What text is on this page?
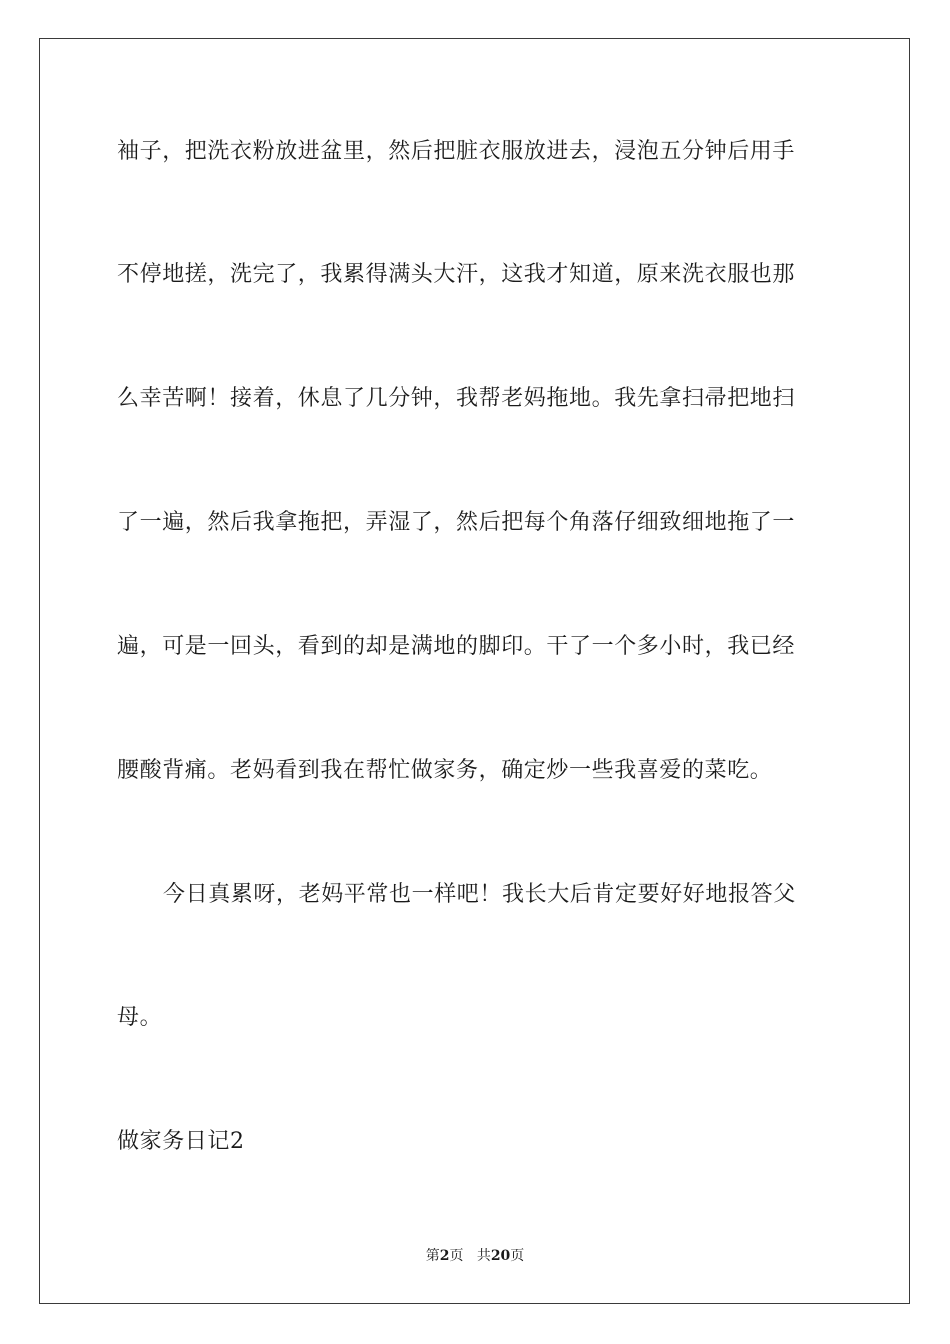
袖子，把洗衣粉放进盆里，然后把脏衣服放进去，浸泡五分钟后用手
不停地搓，洗完了，我累得满头大汗，这我才知道，原来洗衣服也那
么幸苦啊！接着，休息了几分钟，我帮老妈拖地。我先拿扫帚把地扫
了一遍，然后我拿拖把，弄湿了，然后把每个角落仔细致细地拖了一
遍，可是一回头，看到的却是满地的脚印。干了一个多小时，我已经
腰酸背痛。老妈看到我在帮忙做家务，确定炒一些我喜爱的菜吃。
今日真累呀，老妈平常也一样吧！我长大后肯定要好好地报答父
母。
做家务日记2
第2页 共20页
